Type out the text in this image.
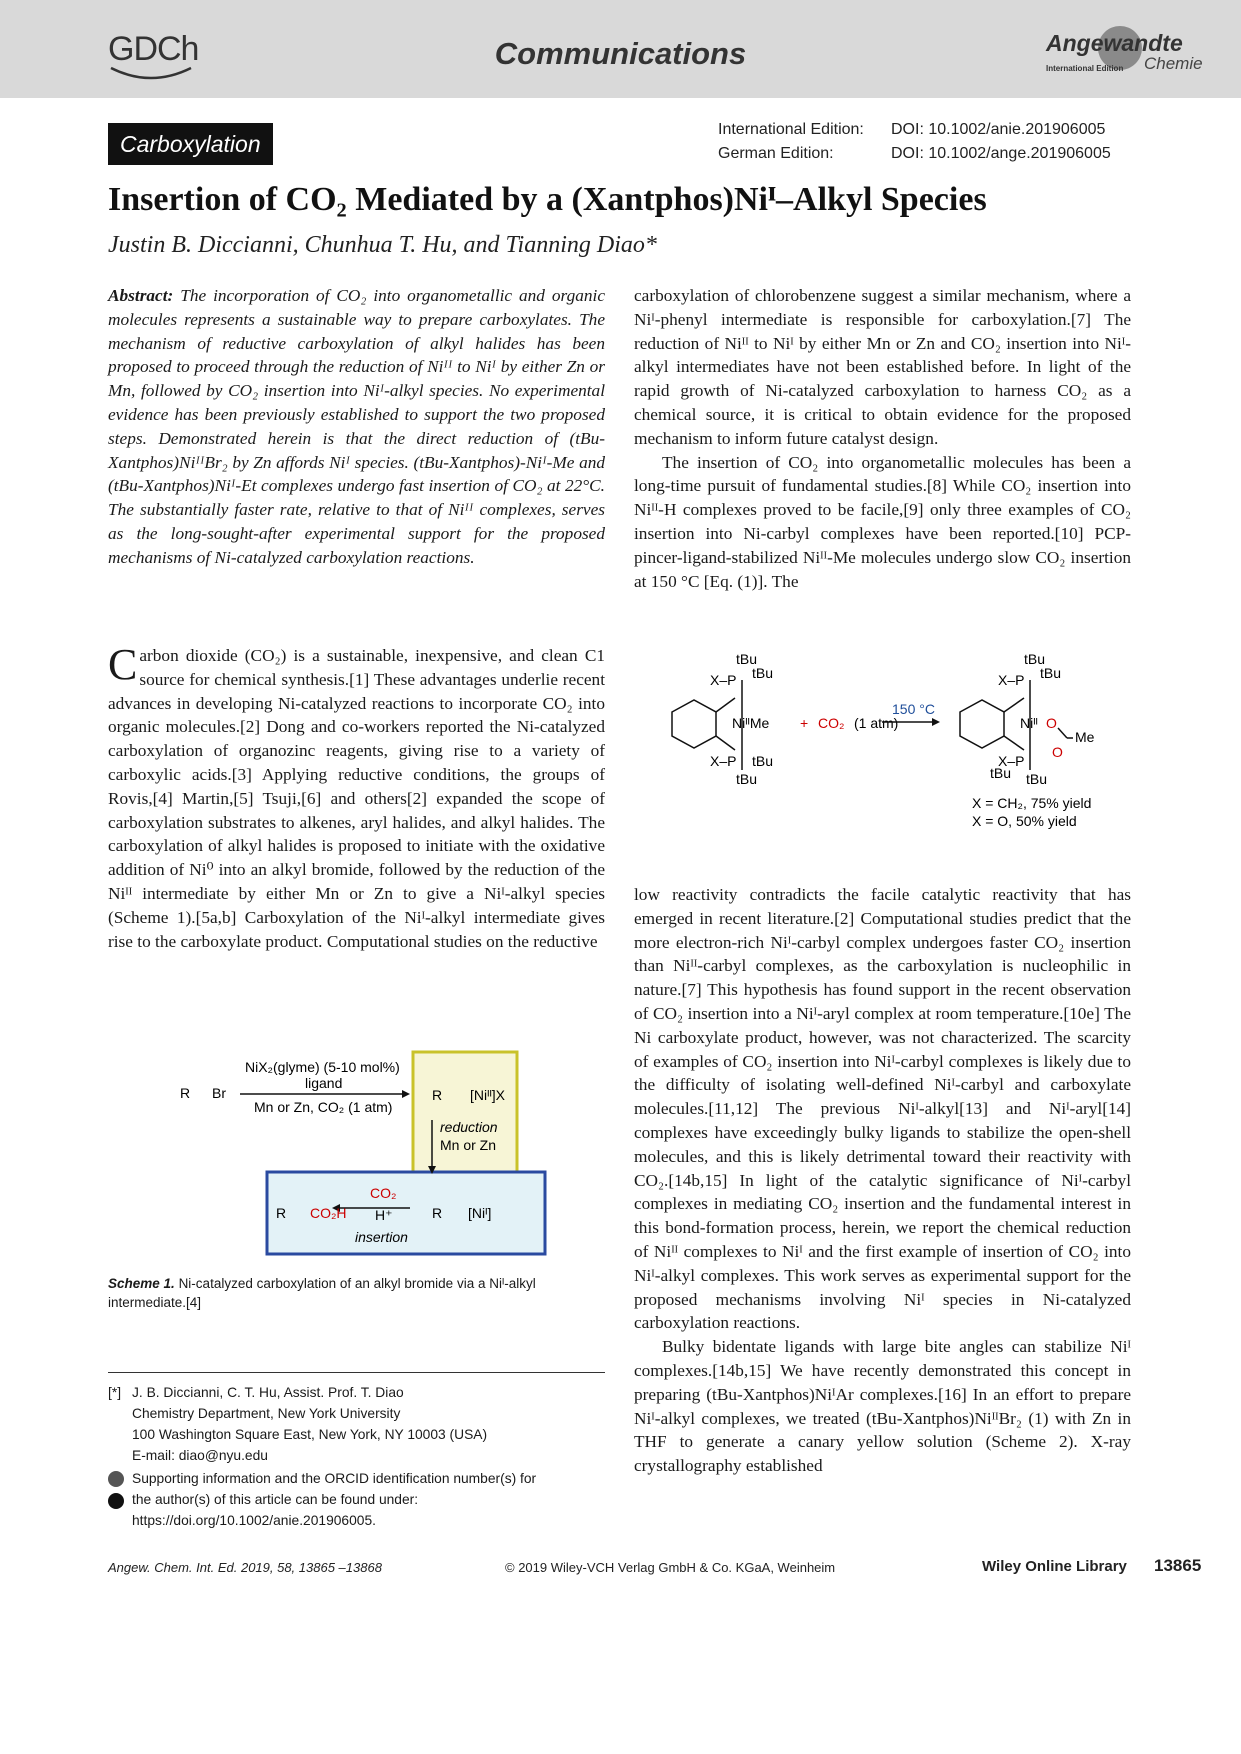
GDCh	Communications	Angewandte
International Edition Chemie
Carboxylation
International Edition: DOI: 10.1002/anie.201906005
German Edition:	DOI: 10.1002/ange.201906005
Insertion of CO₂ Mediated by a (Xantphos)Niᴵ–Alkyl Species
Justin B. Diccianni, Chunhua T. Hu, and Tianning Diao*
Abstract: The incorporation of CO₂ into organometallic and organic molecules represents a sustainable way to prepare carboxylates. The mechanism of reductive carboxylation of alkyl halides has been proposed to proceed through the reduction of Niᴵᴵ to Niᴵ by either Zn or Mn, followed by CO₂ insertion into Niᴵ-alkyl species. No experimental evidence has been previously established to support the two proposed steps. Demonstrated herein is that the direct reduction of (tBu-Xantphos)NiᴵᴵBr₂ by Zn affords Niᴵ species. (tBu-Xantphos)-Niᴵ-Me and (tBu-Xantphos)Niᴵ-Et complexes undergo fast insertion of CO₂ at 22°C. The substantially faster rate, relative to that of Niᴵᴵ complexes, serves as the long-sought-after experimental support for the proposed mechanisms of Ni-catalyzed carboxylation reactions.
Carbon dioxide (CO₂) is a sustainable, inexpensive, and clean C1 source for chemical synthesis.[1] These advantages underlie recent advances in developing Ni-catalyzed reactions to incorporate CO₂ into organic molecules.[2] Dong and co-workers reported the Ni-catalyzed carboxylation of organozinc reagents, giving rise to a variety of carboxylic acids.[3] Applying reductive conditions, the groups of Rovis,[4] Martin,[5] Tsuji,[6] and others[2] expanded the scope of carboxylation substrates to alkenes, aryl halides, and alkyl halides. The carboxylation of alkyl halides is proposed to initiate with the oxidative addition of Ni⁰ into an alkyl bromide, followed by the reduction of the Niᴵᴵ intermediate by either Mn or Zn to give a Niᴵ-alkyl species (Scheme 1).[5a,b] Carboxylation of the Niᴵ-alkyl intermediate gives rise to the carboxylate product. Computational studies on the reductive

carboxylation of chlorobenzene suggest a similar mechanism, where a Niᴵ-phenyl intermediate is responsible for carboxylation.[7] The reduction of Niᴵᴵ to Niᴵ by either Mn or Zn and CO₂ insertion into Niᴵ-alkyl intermediates have not been established before. In light of the rapid growth of Ni-catalyzed carboxylation to harness CO₂ as a chemical source, it is critical to obtain evidence for the proposed mechanism to inform future catalyst design.

The insertion of CO₂ into organometallic molecules has been a long-time pursuit of fundamental studies.[8] While CO₂ insertion into Niᴵᴵ-H complexes proved to be facile,[9] only three examples of CO₂ insertion into Ni-carbyl complexes have been reported.[10] PCP-pincer-ligand-stabilized Niᴵᴵ-Me molecules undergo slow CO₂ insertion at 150 °C [Eq. (1)]. The

tBu
X–P tBu
NiᴵᴵMe
X–P tBu
tBu
+ CO₂ (1 atm)
150 °C
tBu
X–P tBu
Niᴵᴵ O
O
Me
X–P
tBu tBu
X = CH₂, 75% yield
X = O, 50% yield

low reactivity contradicts the facile catalytic reactivity that has emerged in recent literature.[2] Computational studies predict that the more electron-rich Niᴵ-carbyl complex undergoes faster CO₂ insertion than Niᴵᴵ-carbyl complexes, as the carboxylation is nucleophilic in nature.[7] This hypothesis has found support in the recent observation of CO₂ insertion into a Niᴵ-aryl complex at room temperature.[10e] The Ni carboxylate product, however, was not characterized. The scarcity of examples of CO₂ insertion into Niᴵ-carbyl complexes is likely due to the difficulty of isolating well-defined Niᴵ-carbyl and carboxylate molecules.[11,12] The previous Niᴵ-alkyl[13] and Niᴵ-aryl[14] complexes have exceedingly bulky ligands to stabilize the open-shell molecules, and this is likely detrimental toward their reactivity with CO₂.[14b,15] In light of the catalytic significance of Niᴵ-carbyl complexes in mediating CO₂ insertion and the fundamental interest in this bond-formation process, herein, we report the chemical reduction of Niᴵᴵ complexes to Niᴵ and the first example of insertion of CO₂ into Niᴵ-alkyl complexes. This work serves as experimental support for the proposed mechanisms involving Niᴵ species in Ni-catalyzed carboxylation reactions.

Bulky bidentate ligands with large bite angles can stabilize Niᴵ complexes.[14b,15] We have recently demonstrated this concept in preparing (tBu-Xantphos)NiᴵAr complexes.[16] In an effort to prepare Niᴵ-alkyl complexes, we treated (tBu-Xantphos)NiᴵᴵBr₂ (1) with Zn in THF to generate a canary yellow solution (Scheme 2). X-ray crystallography established

R Br
NiX₂(glyme) (5-10 mol%)
ligand
Mn or Zn, CO₂ (1 atm)
R [Niᴵᴵ]X
reduction
Mn or Zn
R [Niᴵ]
CO₂
H⁺
insertion
R CO₂H
Scheme 1. Ni-catalyzed carboxylation of an alkyl bromide via a Niᴵ-alkyl intermediate.[4]
[*] J. B. Diccianni, C. T. Hu, Assist. Prof. T. Diao
Chemistry Department, New York University
100 Washington Square East, New York, NY 10003 (USA)
E-mail: diao@nyu.edu
Supporting information and the ORCID identification number(s) for
the author(s) of this article can be found under:
https://doi.org/10.1002/anie.201906005.
Angew. Chem. Int. Ed. 2019, 58, 13865 –13868	© 2019 Wiley-VCH Verlag GmbH & Co. KGaA, Weinheim	Wiley Online Library 13865
